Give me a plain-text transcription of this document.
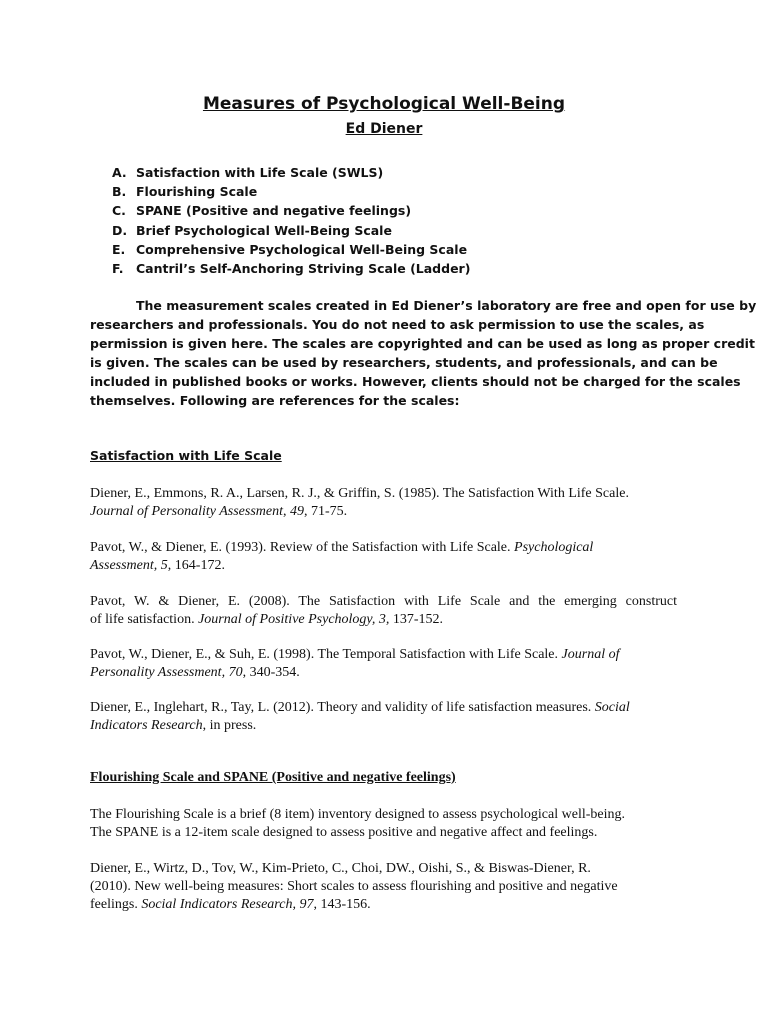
Measures of Psychological Well-Being
Ed Diener
A. Satisfaction with Life Scale (SWLS)
B. Flourishing Scale
C. SPANE (Positive and negative feelings)
D. Brief Psychological Well-Being Scale
E. Comprehensive Psychological Well-Being Scale
F. Cantril’s Self-Anchoring Striving Scale (Ladder)

The measurement scales created in Ed Diener’s laboratory are free and open for use by
researchers and professionals. You do not need to ask permission to use the scales, as
permission is given here. The scales are copyrighted and can be used as long as proper credit
is given. The scales can be used by researchers, students, and professionals, and can be
included in published books or works. However, clients should not be charged for the scales
themselves. Following are references for the scales:

Satisfaction with Life Scale

Diener, E., Emmons, R. A., Larsen, R. J., & Griffin, S. (1985). The Satisfaction With Life Scale.
Journal of Personality Assessment, 49, 71-75.

Pavot, W., & Diener, E. (1993). Review of the Satisfaction with Life Scale. Psychological
Assessment, 5, 164-172.

Pavot, W. & Diener, E. (2008). The Satisfaction with Life Scale and the emerging construct
of life satisfaction. Journal of Positive Psychology, 3, 137-152.

Pavot, W., Diener, E., & Suh, E. (1998). The Temporal Satisfaction with Life Scale. Journal of
Personality Assessment, 70, 340-354.

Diener, E., Inglehart, R., Tay, L. (2012). Theory and validity of life satisfaction measures. Social
Indicators Research, in press.

Flourishing Scale and SPANE (Positive and negative feelings)

The Flourishing Scale is a brief (8 item) inventory designed to assess psychological well-being.
The SPANE is a 12-item scale designed to assess positive and negative affect and feelings.

Diener, E., Wirtz, D., Tov, W., Kim-Prieto, C., Choi, DW., Oishi, S., & Biswas-Diener, R.
(2010). New well-being measures: Short scales to assess flourishing and positive and negative
feelings. Social Indicators Research, 97, 143-156.
